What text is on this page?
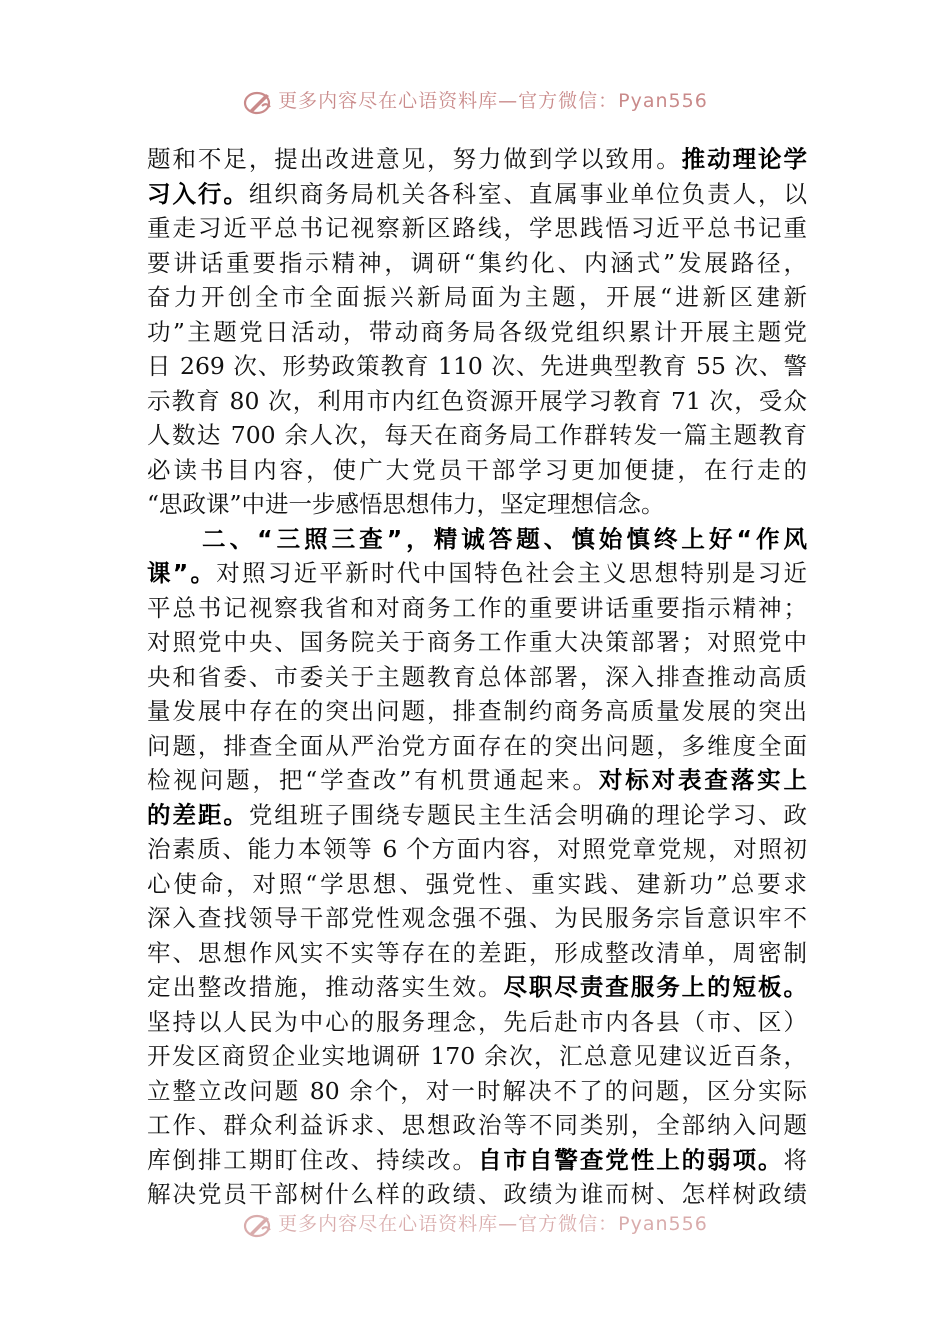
更多内容尽在心语资料库—官方微信：Pyan556
题和不足，提出改进意见，努力做到学以致用。推动理论学
习入行。组织商务局机关各科室、直属事业单位负责人，以
重走习近平总书记视察新区路线，学思践悟习近平总书记重
要讲话重要指示精神，调研“集约化、内涵式”发展路径，
奋力开创全市全面振兴新局面为主题，开展“进新区建新
功”主题党日活动，带动商务局各级党组织累计开展主题党
日 269 次、形势政策教育 110 次、先进典型教育 55 次、警
示教育 80 次，利用市内红色资源开展学习教育 71 次，受众
人数达 700 余人次，每天在商务局工作群转发一篇主题教育
必读书目内容，使广大党员干部学习更加便捷，在行走的
“思政课”中进一步感悟思想伟力，坚定理想信念。
　　二、“三照三查”，精诚答题、慎始慎终上好“作风
课”。对照习近平新时代中国特色社会主义思想特别是习近
平总书记视察我省和对商务工作的重要讲话重要指示精神；
对照党中央、国务院关于商务工作重大决策部署；对照党中
央和省委、市委关于主题教育总体部署，深入排查推动高质
量发展中存在的突出问题，排查制约商务高质量发展的突出
问题，排查全面从严治党方面存在的突出问题，多维度全面
检视问题，把“学查改”有机贯通起来。对标对表查落实上
的差距。党组班子围绕专题民主生活会明确的理论学习、政
治素质、能力本领等 6 个方面内容，对照党章党规，对照初
心使命，对照“学思想、强党性、重实践、建新功”总要求
深入查找领导干部党性观念强不强、为民服务宗旨意识牢不
牢、思想作风实不实等存在的差距，形成整改清单，周密制
定出整改措施，推动落实生效。尽职尽责查服务上的短板。
坚持以人民为中心的服务理念，先后赴市内各县（市、区）
开发区商贸企业实地调研 170 余次，汇总意见建议近百条，
立整立改问题 80 余个，对一时解决不了的问题，区分实际
工作、群众利益诉求、思想政治等不同类别，全部纳入问题
库倒排工期盯住改、持续改。自市自警查党性上的弱项。将
解决党员干部树什么样的政绩、政绩为谁而树、怎样树政绩
更多内容尽在心语资料库—官方微信：Pyan556
